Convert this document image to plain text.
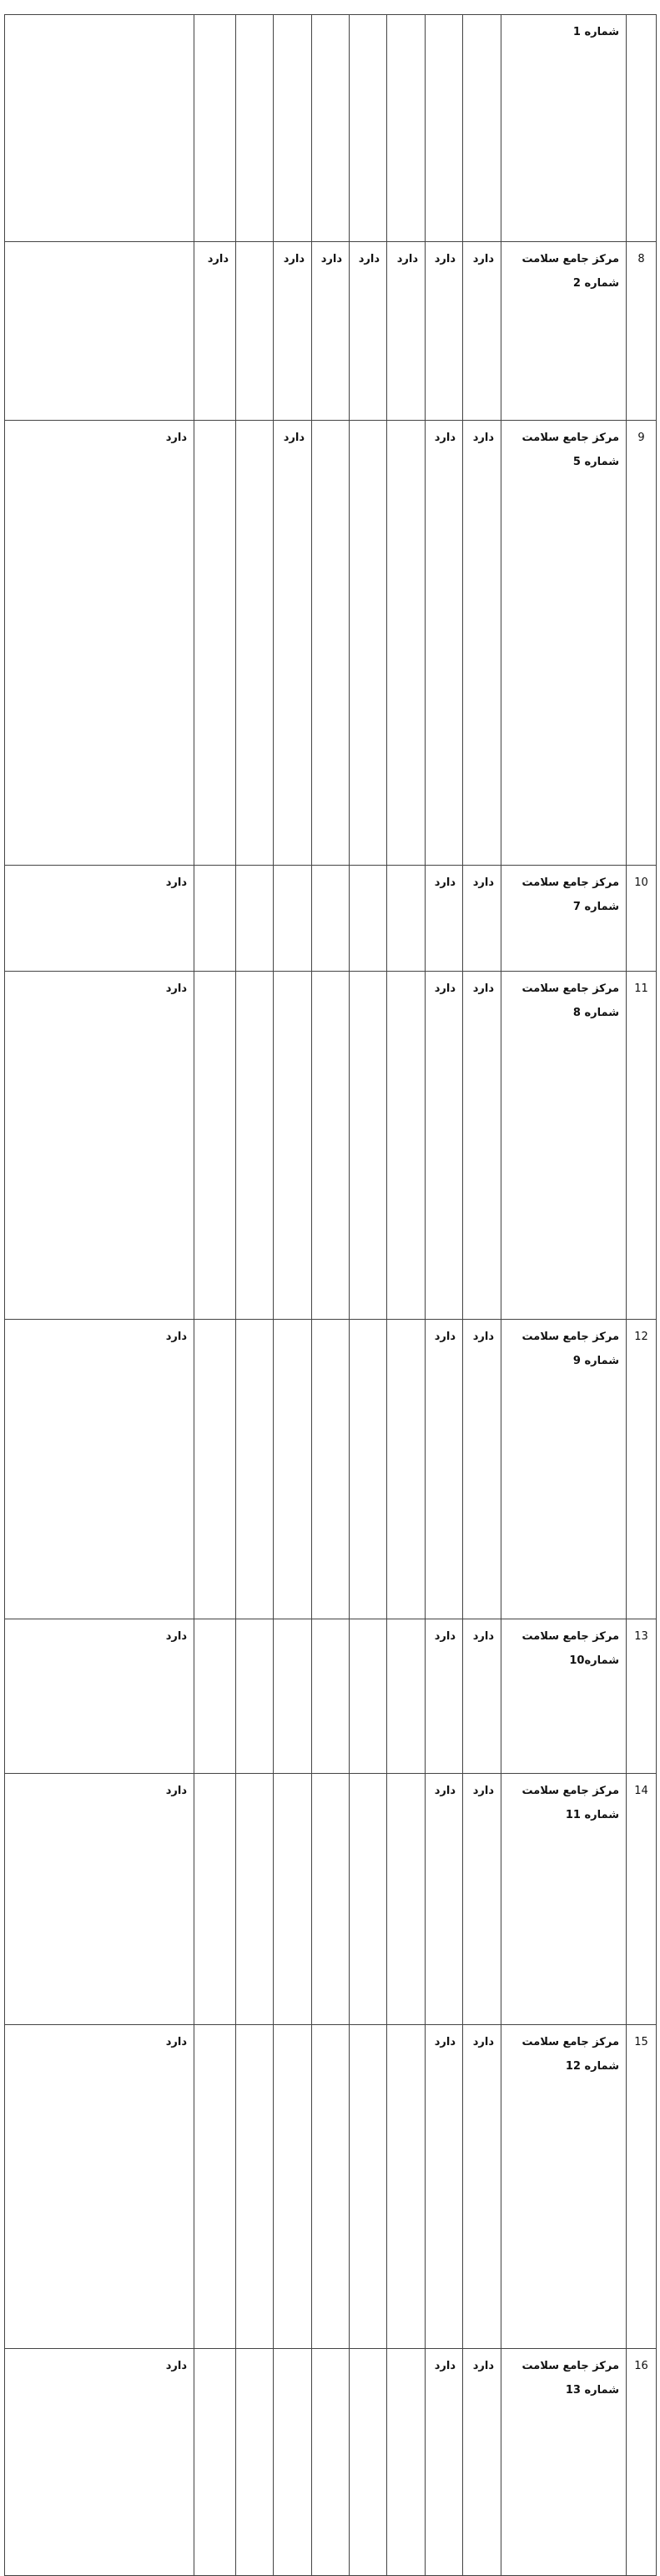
	شماره 1										
8	مرکز جامع سلامت شماره 2	دارد	دارد	دارد	دارد	دارد	دارد		دارد		
9	مرکز جامع سلامت شماره 5	دارد	دارد				دارد			دارد	
10	مرکز جامع سلامت شماره 7	دارد	دارد							دارد	
11	مرکز جامع سلامت شماره 8	دارد	دارد							دارد	
12	مرکز جامع سلامت شماره 9	دارد	دارد							دارد	
13	مرکز جامع سلامت شماره10	دارد	دارد							دارد	
14	مرکز جامع سلامت شماره 11	دارد	دارد							دارد	
15	مرکز جامع سلامت شماره 12	دارد	دارد							دارد	
16	مرکز جامع سلامت شماره 13	دارد	دارد							دارد	
